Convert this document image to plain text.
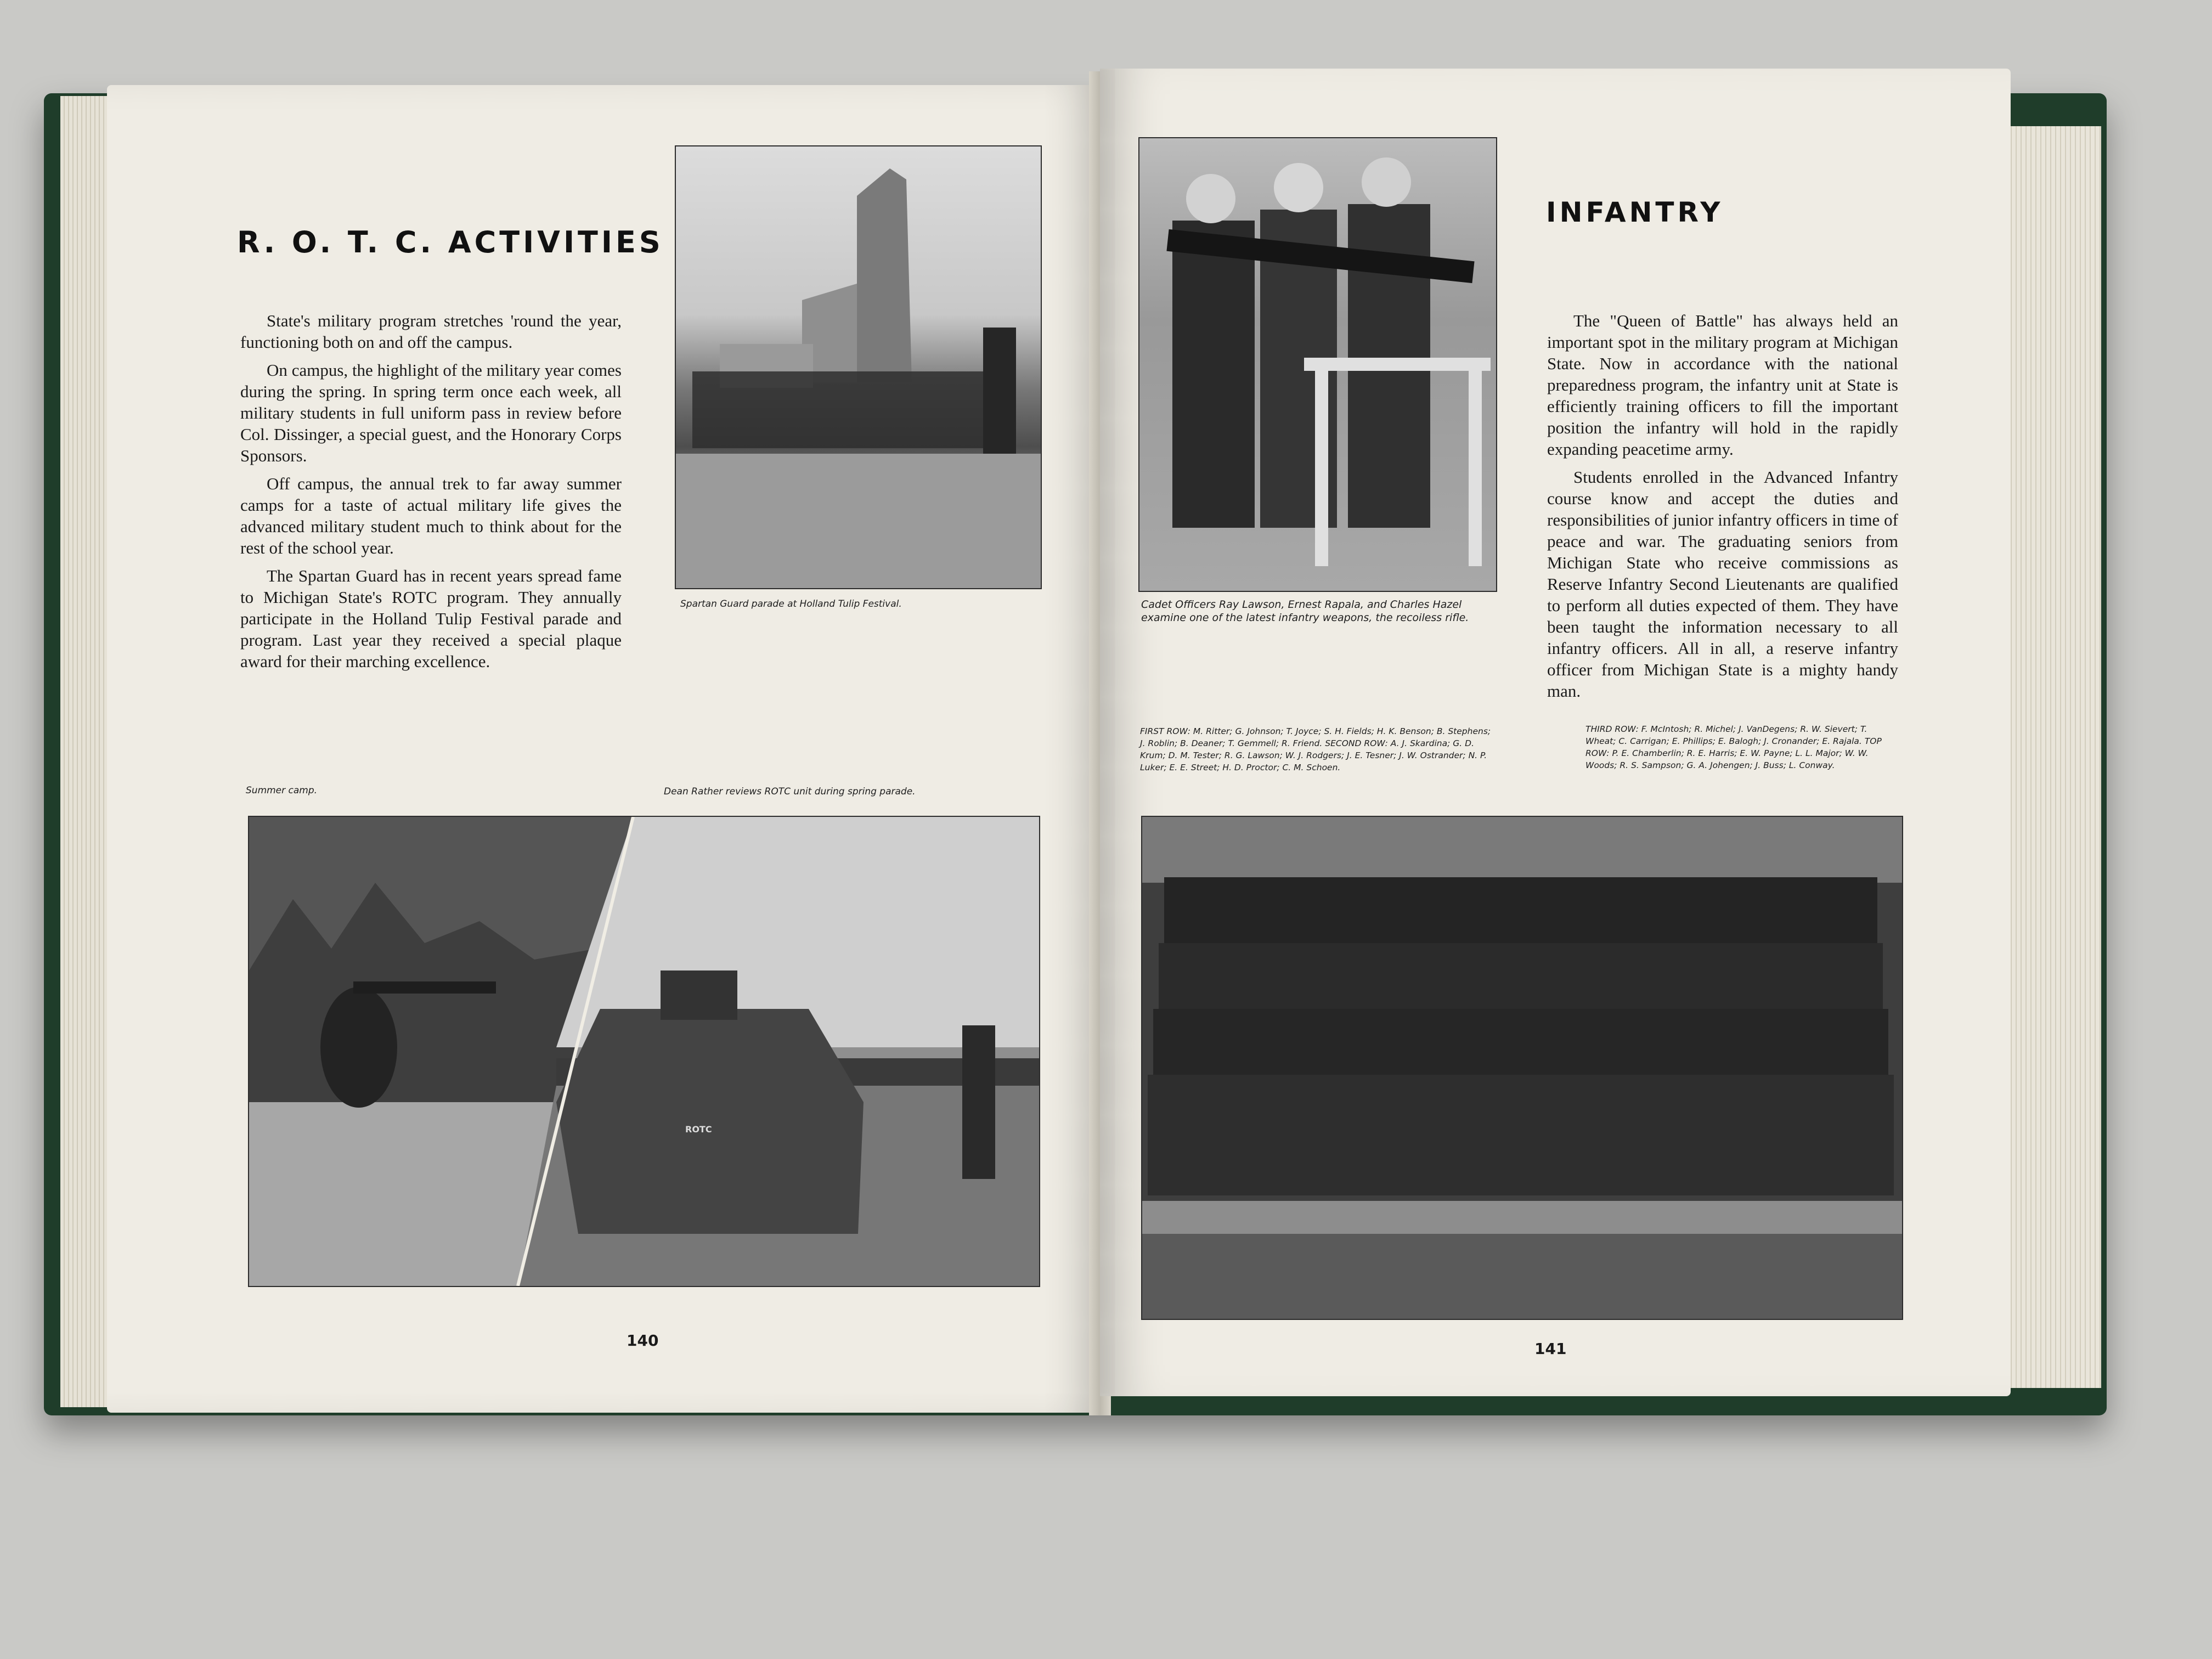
R. O. T. C. ACTIVITIES

State's military program stretches 'round the year, functioning both on and off the campus.

On campus, the highlight of the military year comes during the spring. In spring term once each week, all military students in full uniform pass in review before Col. Dissinger, a special guest, and the Honorary Corps Sponsors.

Off campus, the annual trek to far away summer camps for a taste of actual military life gives the advanced military student much to think about for the rest of the school year.

The Spartan Guard has in recent years spread fame to Michigan State's ROTC program. They annually participate in the Holland Tulip Festival parade and program. Last year they received a special plaque award for their marching excellence.

Spartan Guard parade at Holland Tulip Festival.
Summer camp.	Dean Rather reviews ROTC unit during spring parade.
ROTC
140
INFANTRY

The "Queen of Battle" has always held an important spot in the military program at Michigan State. Now in accordance with the national preparedness program, the infantry unit at State is efficiently training officers to fill the important position the infantry will hold in the rapidly expanding peacetime army.

Students enrolled in the Advanced Infantry course know and accept the duties and responsibilities of junior infantry officers in time of peace and war. The graduating seniors from Michigan State who receive commissions as Reserve Infantry Second Lieutenants are qualified to perform all duties expected of them. They have been taught the information necessary to all infantry officers. All in all, a reserve infantry officer from Michigan State is a mighty handy man.

Cadet Officers Ray Lawson, Ernest Rapala, and Charles Hazel examine one of the latest infantry weapons, the recoiless rifle.
FIRST ROW: M. Ritter; G. Johnson; T. Joyce; S. H. Fields; H. K. Benson; B. Stephens; J. Roblin; B. Deaner; T. Gemmell; R. Friend. SECOND ROW: A. J. Skardina; G. D. Krum; D. M. Tester; R. G. Lawson; W. J. Rodgers; J. E. Tesner; J. W. Ostrander; N. P. Luker; E. E. Street; H. D. Proctor; C. M. Schoen.
THIRD ROW: F. McIntosh; R. Michel; J. VanDegens; R. W. Sievert; T. Wheat; C. Carrigan; E. Phillips; E. Balogh; J. Cronander; E. Rajala. TOP ROW: P. E. Chamberlin; R. E. Harris; E. W. Payne; L. L. Major; W. W. Woods; R. S. Sampson; G. A. Johengen; J. Buss; L. Conway.
141
